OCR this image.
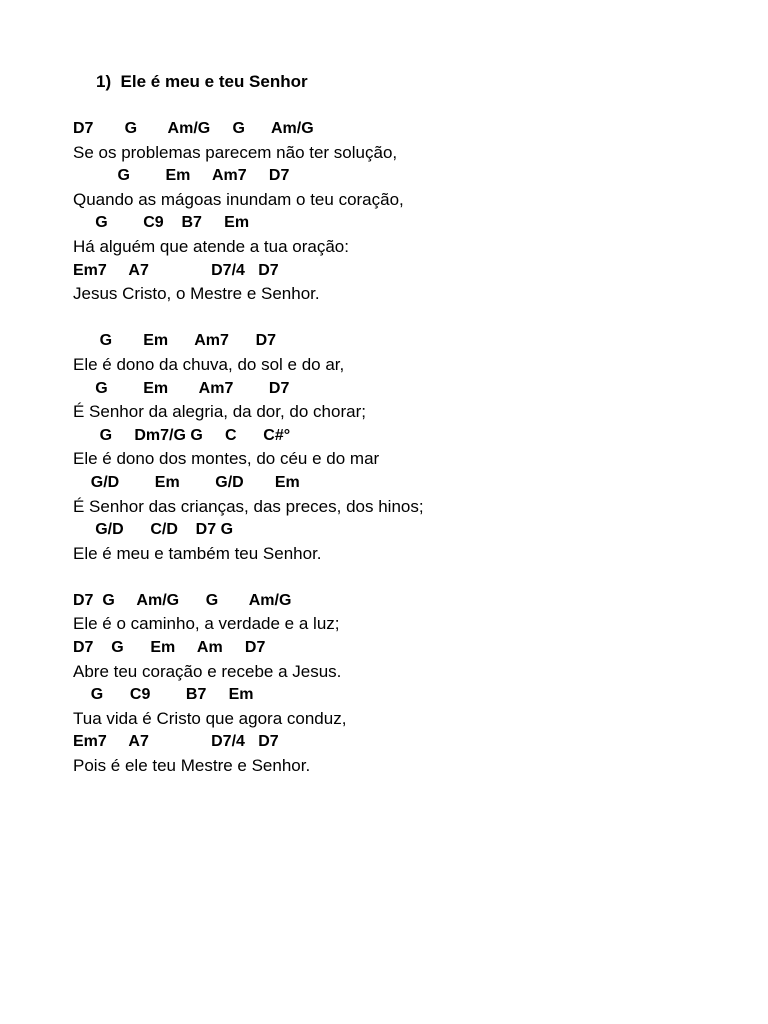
1)  Ele é meu e teu Senhor
D7       G       Am/G     G      Am/G
Se os problemas parecem não ter solução,
G        Em     Am7     D7
Quando as mágoas inundam o teu coração,
G        C9    B7     Em
Há alguém que atende a tua oração:
Em7     A7              D7/4   D7
Jesus Cristo, o Mestre e Senhor.
G       Em      Am7      D7
Ele é dono da chuva, do sol e do ar,
G        Em       Am7        D7
É Senhor da alegria, da dor, do chorar;
G     Dm7/G G     C      C#°
Ele é dono dos montes, do céu e do mar
G/D        Em        G/D       Em
É Senhor das crianças, das preces, dos hinos;
G/D      C/D    D7 G
Ele é meu e também teu Senhor.
D7  G     Am/G      G       Am/G
Ele é o caminho, a verdade e a luz;
D7    G      Em     Am     D7
Abre teu coração e recebe a Jesus.
G      C9        B7     Em
Tua vida é Cristo que agora conduz,
Em7     A7              D7/4   D7
Pois é ele teu Mestre e Senhor.
